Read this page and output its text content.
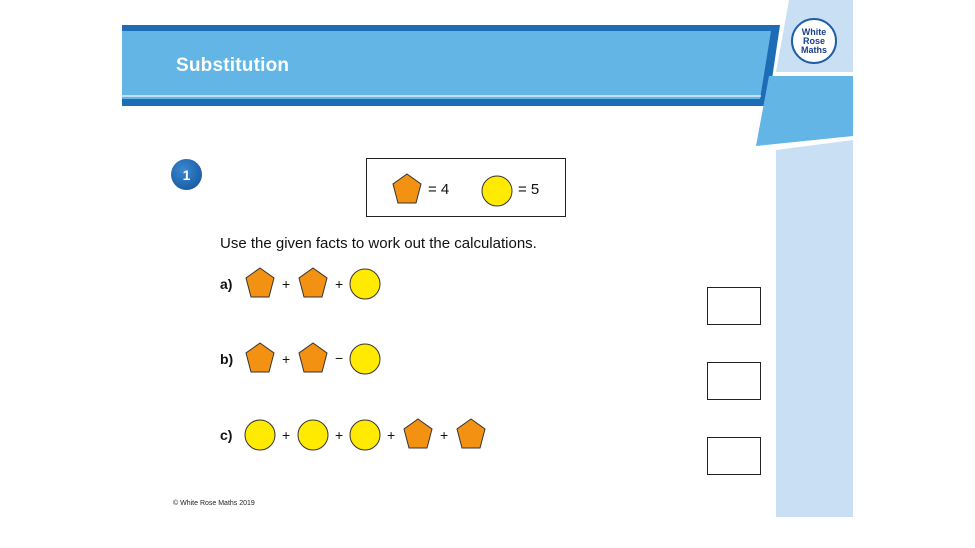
Substitution
White
Rose
Maths
1
= 4	= 5
Use the given facts to work out the calculations.
a)	+	+
b)	+	−
c)	+	+	+	+
© White Rose Maths 2019
